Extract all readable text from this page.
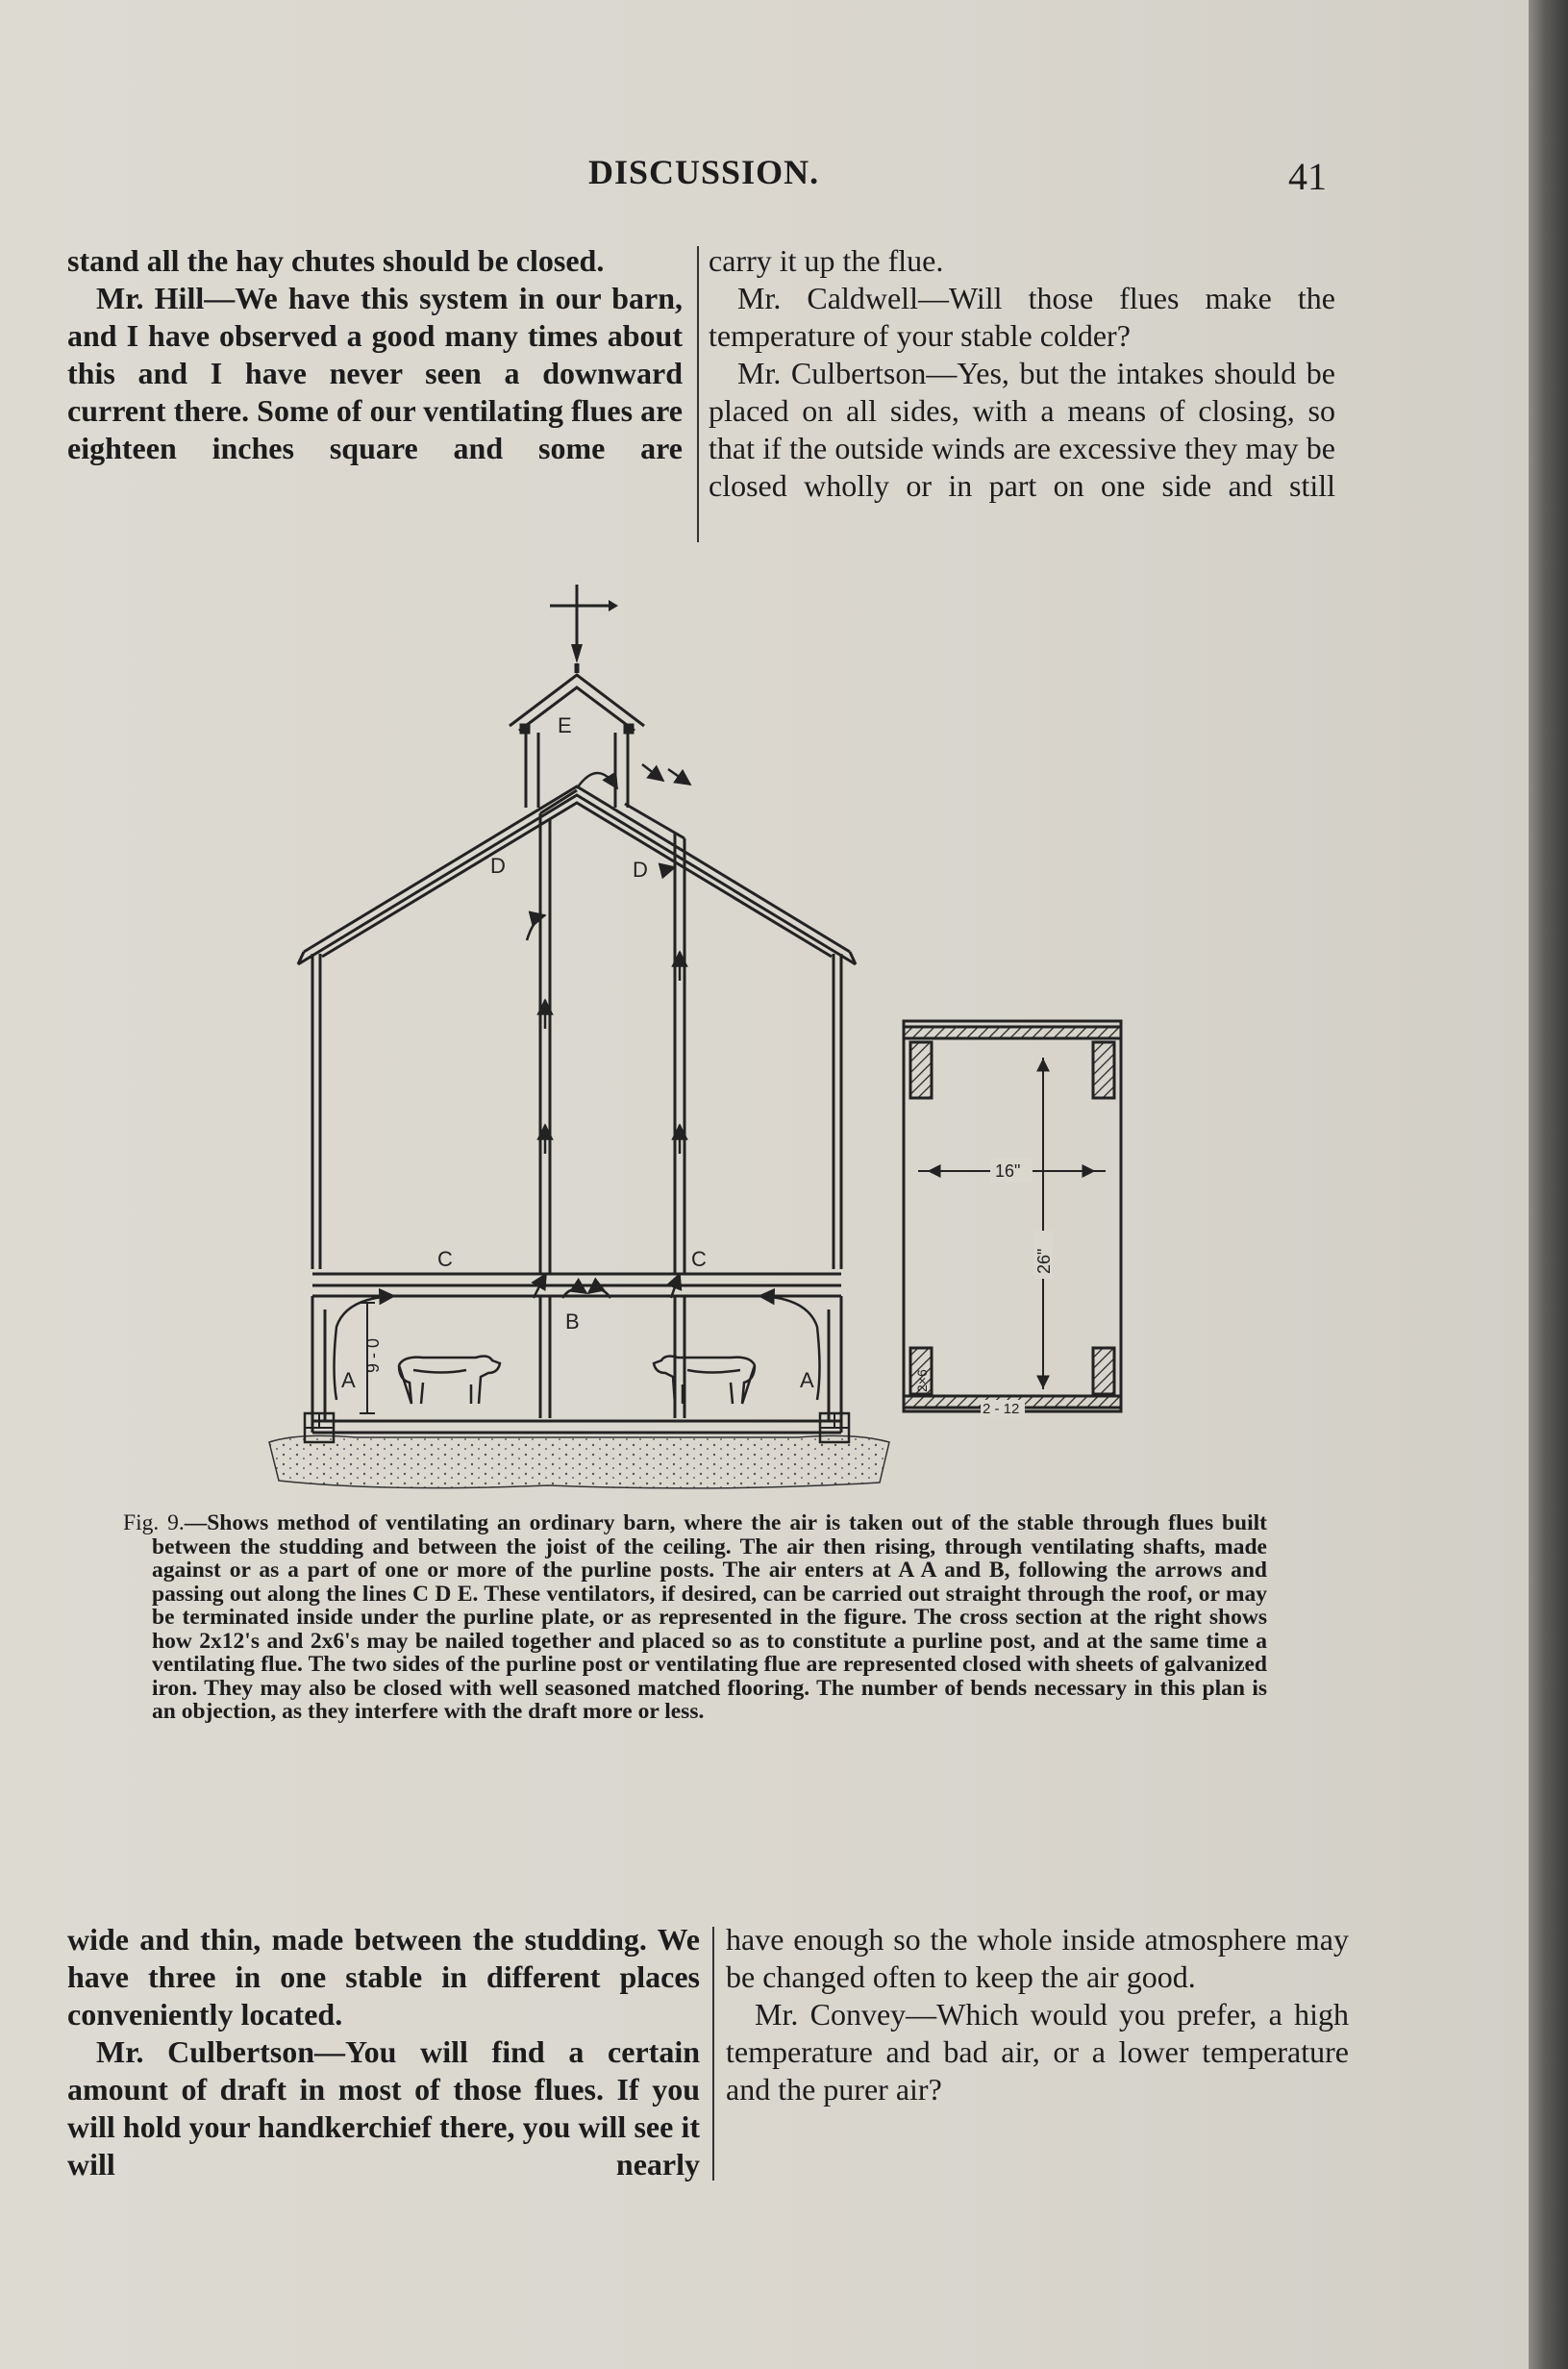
DISCUSSION.	41

stand all the hay chutes should be closed.

Mr. Hill—We have this system in our barn, and I have observed a good many times about this and I have never seen a downward current there. Some of our ventilating flues are eighteen inches square and some are

carry it up the flue.

Mr. Caldwell—Will those flues make the temperature of your stable colder?

Mr. Culbertson—Yes, but the intakes should be placed on all sides, with a means of closing, so that if the outside winds are excessive they may be closed wholly or in part on one side and still

E
D	D
C	C
B
A	A
9 - 0
16"
26"
2×6
2 - 12

Fig. 9.—Shows method of ventilating an ordinary barn, where the air is taken out of the stable through flues built between the studding and between the joist of the ceiling. The air then rising, through ventilating shafts, made against or as a part of one or more of the purline posts. The air enters at A A and B, following the arrows and passing out along the lines C D E. These ventilators, if desired, can be carried out straight through the roof, or may be terminated inside under the purline plate, or as represented in the figure. The cross section at the right shows how 2x12's and 2x6's may be nailed together and placed so as to constitute a purline post, and at the same time a ventilating flue. The two sides of the purline post or ventilating flue are represented closed with sheets of galvanized iron. They may also be closed with well seasoned matched flooring. The number of bends necessary in this plan is an objection, as they interfere with the draft more or less.

wide and thin, made between the studding. We have three in one stable in different places conveniently located.

Mr. Culbertson—You will find a certain amount of draft in most of those flues. If you will hold your handkerchief there, you will see it will nearly

have enough so the whole inside atmosphere may be changed often to keep the air good.

Mr. Convey—Which would you prefer, a high temperature and bad air, or a lower temperature and the purer air?
